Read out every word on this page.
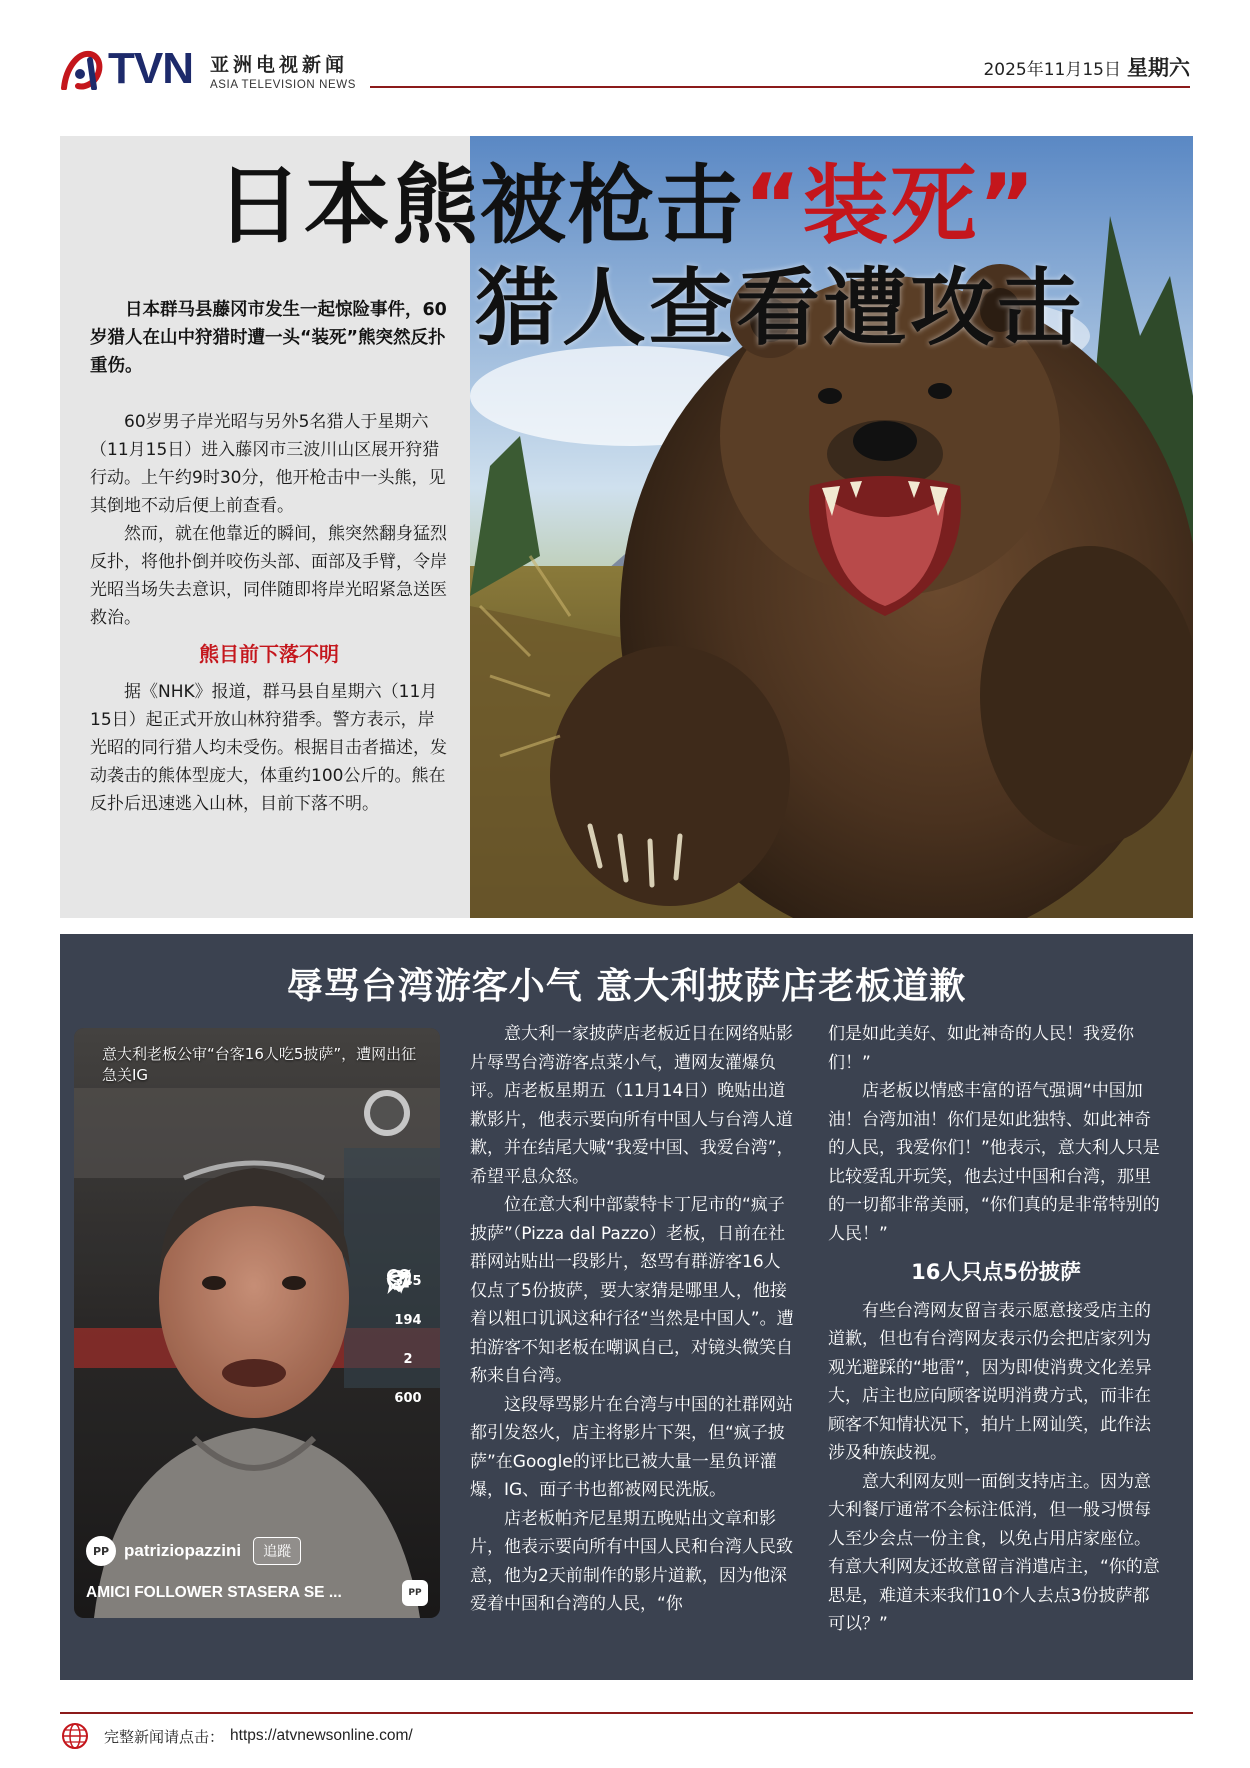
TVN 亚洲电视新闻
ASIA TELEVISION NEWS
2025年11月15日 星期六
日本熊被枪击“装死”
猎人查看遭攻击
日本群马县藤冈市发生一起惊险事件，60岁猎人在山中狩猎时遭一头“装死”熊突然反扑重伤。

60岁男子岸光昭与另外5名猎人于星期六（11月15日）进入藤冈市三波川山区展开狩猎行动。上午约9时30分，他开枪击中一头熊，见其倒地不动后便上前查看。

然而，就在他靠近的瞬间，熊突然翻身猛烈反扑，将他扑倒并咬伤头部、面部及手臂，令岸光昭当场失去意识，同伴随即将岸光昭紧急送医救治。

熊目前下落不明

据《NHK》报道，群马县自星期六（11月15日）起正式开放山林狩猎季。警方表示，岸光昭的同行猎人均未受伤。根据目击者描述，发动袭击的熊体型庞大，体重约100公斤的。熊在反扑后迅速逃入山林，目前下落不明。

辱骂台湾游客小气 意大利披萨店老板道歉
意大利老板公审“台客16人吃5披萨”，遭网出征急关IG
345
194
2
600
PP patriziopazzini	追蹤
AMICI FOLLOWER STASERA SE ...	PP

意大利一家披萨店老板近日在网络贴影片辱骂台湾游客点菜小气，遭网友灌爆负评。店老板星期五（11月14日）晚贴出道歉影片，他表示要向所有中国人与台湾人道歉，并在结尾大喊“我爱中国、我爱台湾”，希望平息众怒。

位在意大利中部蒙特卡丁尼市的“疯子披萨”（Pizza dal Pazzo）老板，日前在社群网站贴出一段影片，怒骂有群游客16人仅点了5份披萨，要大家猜是哪里人，他接着以粗口讥讽这种行径“当然是中国人”。遭拍游客不知老板在嘲讽自己，对镜头微笑自称来自台湾。

这段辱骂影片在台湾与中国的社群网站都引发怒火，店主将影片下架，但“疯子披萨”在Google的评比已被大量一星负评灌爆，IG、面子书也都被网民洗版。

店老板帕齐尼星期五晚贴出文章和影片，他表示要向所有中国人民和台湾人民致意，他为2天前制作的影片道歉，因为他深爱着中国和台湾的人民，“你

们是如此美好、如此神奇的人民！我爱你们！”

店老板以情感丰富的语气强调“中国加油！台湾加油！你们是如此独特、如此神奇的人民，我爱你们！”他表示，意大利人只是比较爱乱开玩笑，他去过中国和台湾，那里的一切都非常美丽，“你们真的是非常特别的人民！”

16人只点5份披萨

有些台湾网友留言表示愿意接受店主的道歉，但也有台湾网友表示仍会把店家列为观光避踩的“地雷”，因为即使消费文化差异大，店主也应向顾客说明消费方式，而非在顾客不知情状况下，拍片上网讪笑，此作法涉及种族歧视。

意大利网友则一面倒支持店主。因为意大利餐厅通常不会标注低消，但一般习惯每人至少会点一份主食，以免占用店家座位。有意大利网友还故意留言消遣店主，“你的意思是，难道未来我们10个人去点3份披萨都可以？”

完整新闻请点击： https://atvnewsonline.com/
